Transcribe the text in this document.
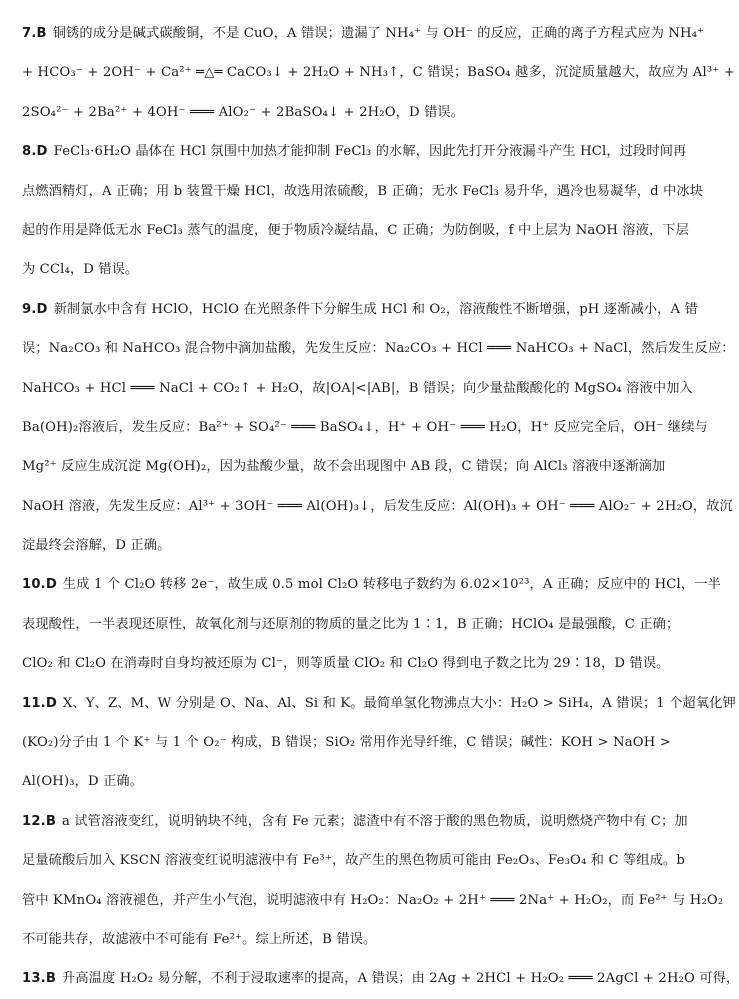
7.B 铜锈的成分是碱式碳酸铜，不是 CuO，A 错误；遗漏了 NH₄⁺ 与 OH⁻ 的反应，正确的离子方程式应为 NH₄⁺
+ HCO₃⁻ + 2OH⁻ + Ca²⁺ ═△═ CaCO₃↓ + 2H₂O + NH₃↑，C 错误；BaSO₄ 越多，沉淀质量越大，故应为 Al³⁺ +
2SO₄²⁻ + 2Ba²⁺ + 4OH⁻ ═══ AlO₂⁻ + 2BaSO₄↓ + 2H₂O，D 错误。
8.D FeCl₃·6H₂O 晶体在 HCl 氛围中加热才能抑制 FeCl₃ 的水解，因此先打开分液漏斗产生 HCl，过段时间再
点燃酒精灯，A 正确；用 b 装置干燥 HCl，故选用浓硫酸，B 正确；无水 FeCl₃ 易升华，遇冷也易凝华，d 中冰块
起的作用是降低无水 FeCl₃ 蒸气的温度，便于物质冷凝结晶，C 正确；为防倒吸，f 中上层为 NaOH 溶液，下层
为 CCl₄，D 错误。
9.D 新制氯水中含有 HClO，HClO 在光照条件下分解生成 HCl 和 O₂，溶液酸性不断增强，pH 逐渐减小，A 错
误；Na₂CO₃ 和 NaHCO₃ 混合物中滴加盐酸，先发生反应：Na₂CO₃ + HCl ═══ NaHCO₃ + NaCl，然后发生反应：
NaHCO₃ + HCl ═══ NaCl + CO₂↑ + H₂O，故|OA|<|AB|，B 错误；向少量盐酸酸化的 MgSO₄ 溶液中加入
Ba(OH)₂溶液后，发生反应：Ba²⁺ + SO₄²⁻ ═══ BaSO₄↓，H⁺ + OH⁻ ═══ H₂O，H⁺ 反应完全后，OH⁻ 继续与
Mg²⁺ 反应生成沉淀 Mg(OH)₂，因为盐酸少量，故不会出现图中 AB 段，C 错误；向 AlCl₃ 溶液中逐渐滴加
NaOH 溶液，先发生反应：Al³⁺ + 3OH⁻ ═══ Al(OH)₃↓，后发生反应：Al(OH)₃ + OH⁻ ═══ AlO₂⁻ + 2H₂O，故沉
淀最终会溶解，D 正确。
10.D 生成 1 个 Cl₂O 转移 2e⁻，故生成 0.5 mol Cl₂O 转移电子数约为 6.02×10²³，A 正确；反应中的 HCl，一半
表现酸性，一半表现还原性，故氧化剂与还原剂的物质的量之比为 1∶1，B 正确；HClO₄ 是最强酸，C 正确；
ClO₂ 和 Cl₂O 在消毒时自身均被还原为 Cl⁻，则等质量 ClO₂ 和 Cl₂O 得到电子数之比为 29∶18，D 错误。
11.D X、Y、Z、M、W 分别是 O、Na、Al、Si 和 K。最简单氢化物沸点大小：H₂O > SiH₄，A 错误；1 个超氧化钾
(KO₂)分子由 1 个 K⁺ 与 1 个 O₂⁻ 构成，B 错误；SiO₂ 常用作光导纤维，C 错误；碱性：KOH > NaOH >
Al(OH)₃，D 正确。
12.B a 试管溶液变红，说明钠块不纯，含有 Fe 元素；滤渣中有不溶于酸的黑色物质，说明燃烧产物中有 C；加
足量硫酸后加入 KSCN 溶液变红说明滤液中有 Fe³⁺，故产生的黑色物质可能由 Fe₂O₃、Fe₃O₄ 和 C 等组成。b
管中 KMnO₄ 溶液褪色，并产生小气泡，说明滤液中有 H₂O₂：Na₂O₂ + 2H⁺ ═══ 2Na⁺ + H₂O₂，而 Fe²⁺ 与 H₂O₂
不可能共存，故滤液中不可能有 Fe²⁺。综上所述，B 错误。
13.B 升高温度 H₂O₂ 易分解，不利于浸取速率的提高，A 错误；由 2Ag + 2HCl + H₂O₂ ═══ 2AgCl + 2H₂O 可得，
